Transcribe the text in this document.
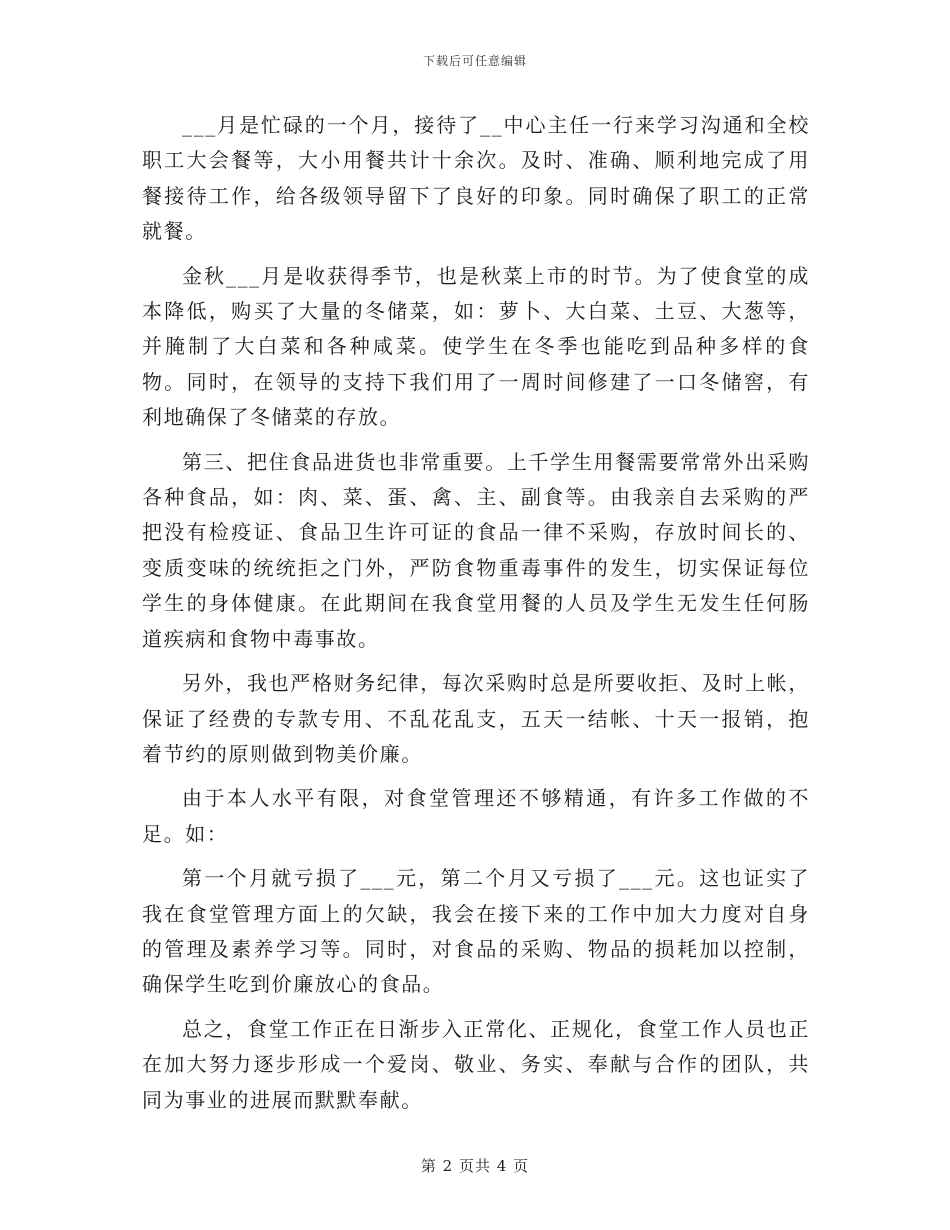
下载后可任意编辑

___月是忙碌的一个月，接待了__中心主任一行来学习沟通和全校职工大会餐等，大小用餐共计十余次。及时、准确、顺利地完成了用餐接待工作，给各级领导留下了良好的印象。同时确保了职工的正常就餐。

金秋___月是收获得季节，也是秋菜上市的时节。为了使食堂的成本降低，购买了大量的冬储菜，如：萝卜、大白菜、土豆、大葱等，并腌制了大白菜和各种咸菜。使学生在冬季也能吃到品种多样的食物。同时，在领导的支持下我们用了一周时间修建了一口冬储窖，有利地确保了冬储菜的存放。

第三、把住食品进货也非常重要。上千学生用餐需要常常外出采购各种食品，如：肉、菜、蛋、禽、主、副食等。由我亲自去采购的严把没有检疫证、食品卫生许可证的食品一律不采购，存放时间长的、变质变味的统统拒之门外，严防食物重毒事件的发生，切实保证每位学生的身体健康。在此期间在我食堂用餐的人员及学生无发生任何肠道疾病和食物中毒事故。

另外，我也严格财务纪律，每次采购时总是所要收拒、及时上帐，保证了经费的专款专用、不乱花乱支，五天一结帐、十天一报销，抱着节约的原则做到物美价廉。

由于本人水平有限，对食堂管理还不够精通，有许多工作做的不足。如：

第一个月就亏损了___元，第二个月又亏损了___元。这也证实了我在食堂管理方面上的欠缺，我会在接下来的工作中加大力度对自身的管理及素养学习等。同时，对食品的采购、物品的损耗加以控制，确保学生吃到价廉放心的食品。

总之，食堂工作正在日渐步入正常化、正规化，食堂工作人员也正在加大努力逐步形成一个爱岗、敬业、务实、奉献与合作的团队，共同为事业的进展而默默奉献。

第 2 页共 4 页
